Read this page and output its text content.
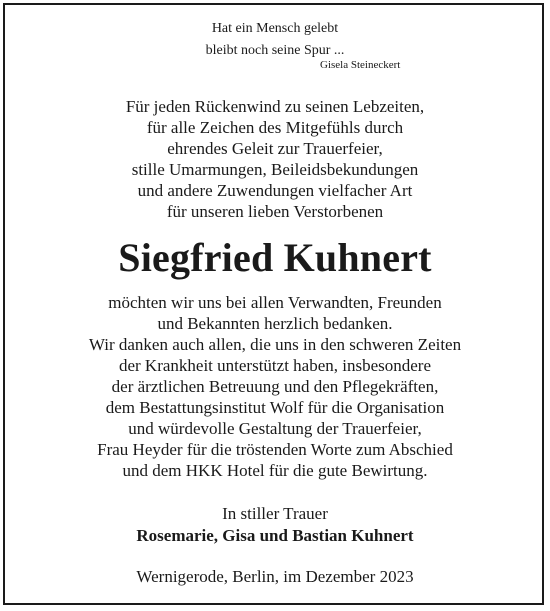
Hat ein Mensch gelebt
bleibt noch seine Spur ...
Gisela Steineckert
Für jeden Rückenwind zu seinen Lebzeiten,
für alle Zeichen des Mitgefühls durch
ehrendes Geleit zur Trauerfeier,
stille Umarmungen, Beileidsbekundungen
und andere Zuwendungen vielfacher Art
für unseren lieben Verstorbenen
Siegfried Kuhnert
möchten wir uns bei allen Verwandten, Freunden
und Bekannten herzlich bedanken.
Wir danken auch allen, die uns in den schweren Zeiten
der Krankheit unterstützt haben, insbesondere
der ärztlichen Betreuung und den Pflegekräften,
dem Bestattungsinstitut Wolf für die Organisation
und würdevolle Gestaltung der Trauerfeier,
Frau Heyder für die tröstenden Worte zum Abschied
und dem HKK Hotel für die gute Bewirtung.
In stiller Trauer
Rosemarie, Gisa und Bastian Kuhnert
Wernigerode, Berlin, im Dezember 2023
